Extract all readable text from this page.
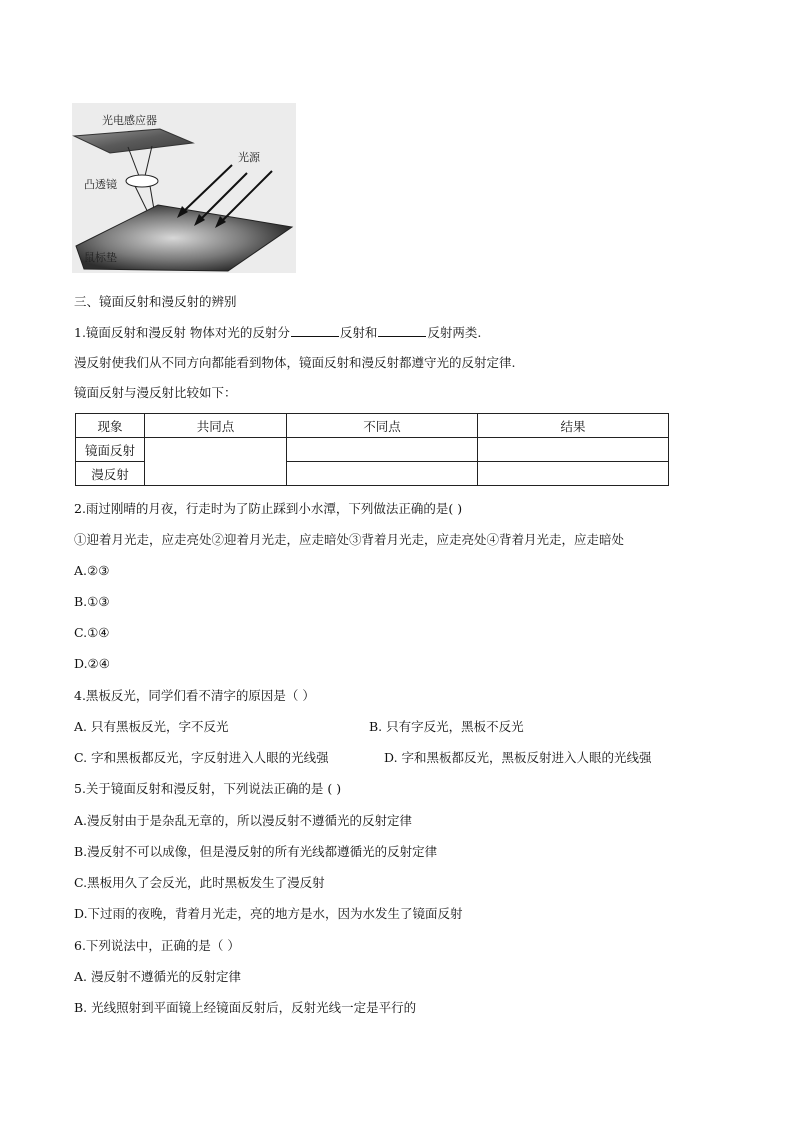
光电感应器
凸透镜
光源
鼠标垫
三、镜面反射和漫反射的辨别
1.镜面反射和漫反射 物体对光的反射分	反射和	反射两类.
漫反射使我们从不同方向都能看到物体，镜面反射和漫反射都遵守光的反射定律.
镜面反射与漫反射比较如下：
现象	共同点	不同点	结果
镜面反射			
漫反射			
2.雨过刚晴的月夜，行走时为了防止踩到小水潭，下列做法正确的是( )
①迎着月光走，应走亮处②迎着月光走，应走暗处③背着月光走，应走亮处④背着月光走，应走暗处
A.②③
B.①③
C.①④
D.②④
4.黑板反光，同学们看不清字的原因是（ ）
A. 只有黑板反光，字不反光	B. 只有字反光，黑板不反光
C. 字和黑板都反光，字反射进入人眼的光线强	D. 字和黑板都反光，黑板反射进入人眼的光线强
5.关于镜面反射和漫反射，下列说法正确的是 ( )
A.漫反射由于是杂乱无章的，所以漫反射不遵循光的反射定律
B.漫反射不可以成像，但是漫反射的所有光线都遵循光的反射定律
C.黑板用久了会反光，此时黑板发生了漫反射
D.下过雨的夜晚，背着月光走，亮的地方是水，因为水发生了镜面反射
6.下列说法中，正确的是（ ）
A. 漫反射不遵循光的反射定律
B. 光线照射到平面镜上经镜面反射后，反射光线一定是平行的
